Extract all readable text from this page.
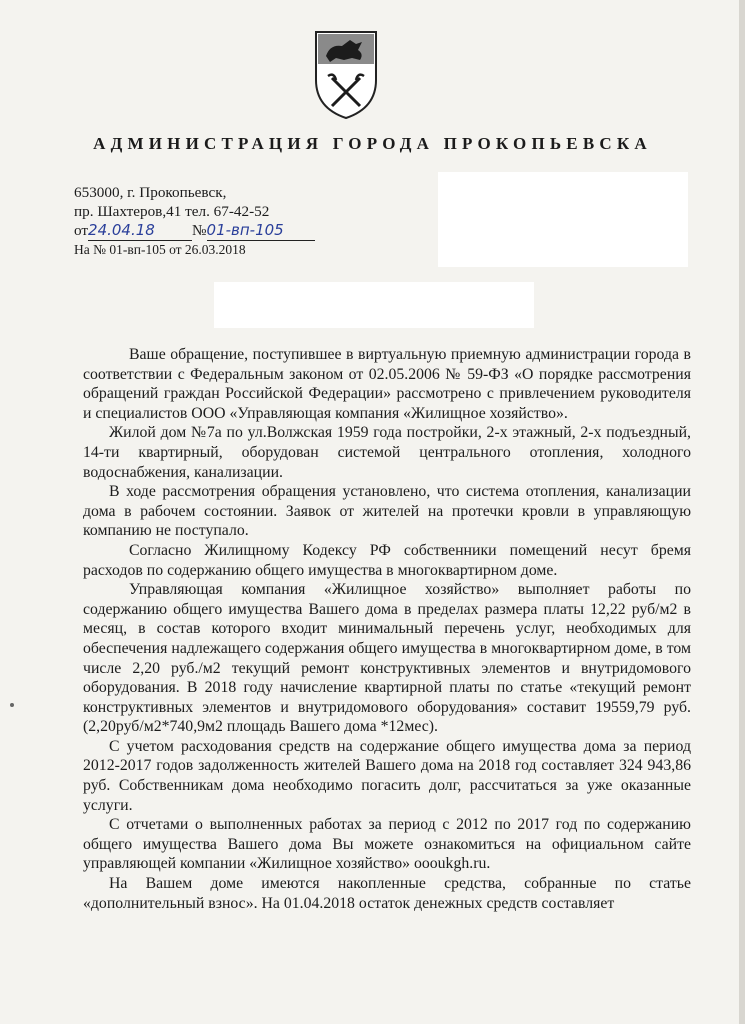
АДМИНИСТРАЦИЯ ГОРОДА ПРОКОПЬЕВСКА
653000, г. Прокопьевск,
пр. Шахтеров,41 тел. 67-42-52
от24.04.18 №01-вп-105
На № 01-вп-105 от 26.03.2018

Ваше обращение, поступившее в виртуальную приемную администрации города в соответствии с Федеральным законом от 02.05.2006 № 59-ФЗ «О порядке рассмотрения обращений граждан Российской Федерации» рассмотрено с привлечением руководителя и специалистов ООО «Управляющая компания «Жилищное хозяйство».

Жилой дом №7а по ул.Волжская 1959 года постройки, 2-х этажный, 2-х подъездный, 14-ти квартирный, оборудован системой центрального отопления, холодного водоснабжения, канализации.

В ходе рассмотрения обращения установлено, что система отопления, канализации дома в рабочем состоянии. Заявок от жителей на протечки кровли в управляющую компанию не поступало.

Согласно Жилищному Кодексу РФ собственники помещений несут бремя расходов по содержанию общего имущества в многоквартирном доме.

Управляющая компания «Жилищное хозяйство» выполняет работы по содержанию общего имущества Вашего дома в пределах размера платы 12,22 руб/м2 в месяц, в состав которого входит минимальный перечень услуг, необходимых для обеспечения надлежащего содержания общего имущества в многоквартирном доме, в том числе 2,20 руб./м2 текущий ремонт конструктивных элементов и внутридомового оборудования. В 2018 году начисление квартирной платы по статье «текущий ремонт конструктивных элементов и внутридомового оборудования» составит 19559,79 руб. (2,20руб/м2*740,9м2 площадь Вашего дома *12мес).

С учетом расходования средств на содержание общего имущества дома за период 2012-2017 годов задолженность жителей Вашего дома на 2018 год составляет 324 943,86 руб. Собственникам дома необходимо погасить долг, рассчитаться за уже оказанные услуги.

С отчетами о выполненных работах за период с 2012 по 2017 год по содержанию общего имущества Вашего дома Вы можете ознакомиться на официальном сайте управляющей компании «Жилищное хозяйство» oooukgh.ru.

На Вашем доме имеются накопленные средства, собранные по статье «дополнительный взнос». На 01.04.2018 остаток денежных средств составляет
